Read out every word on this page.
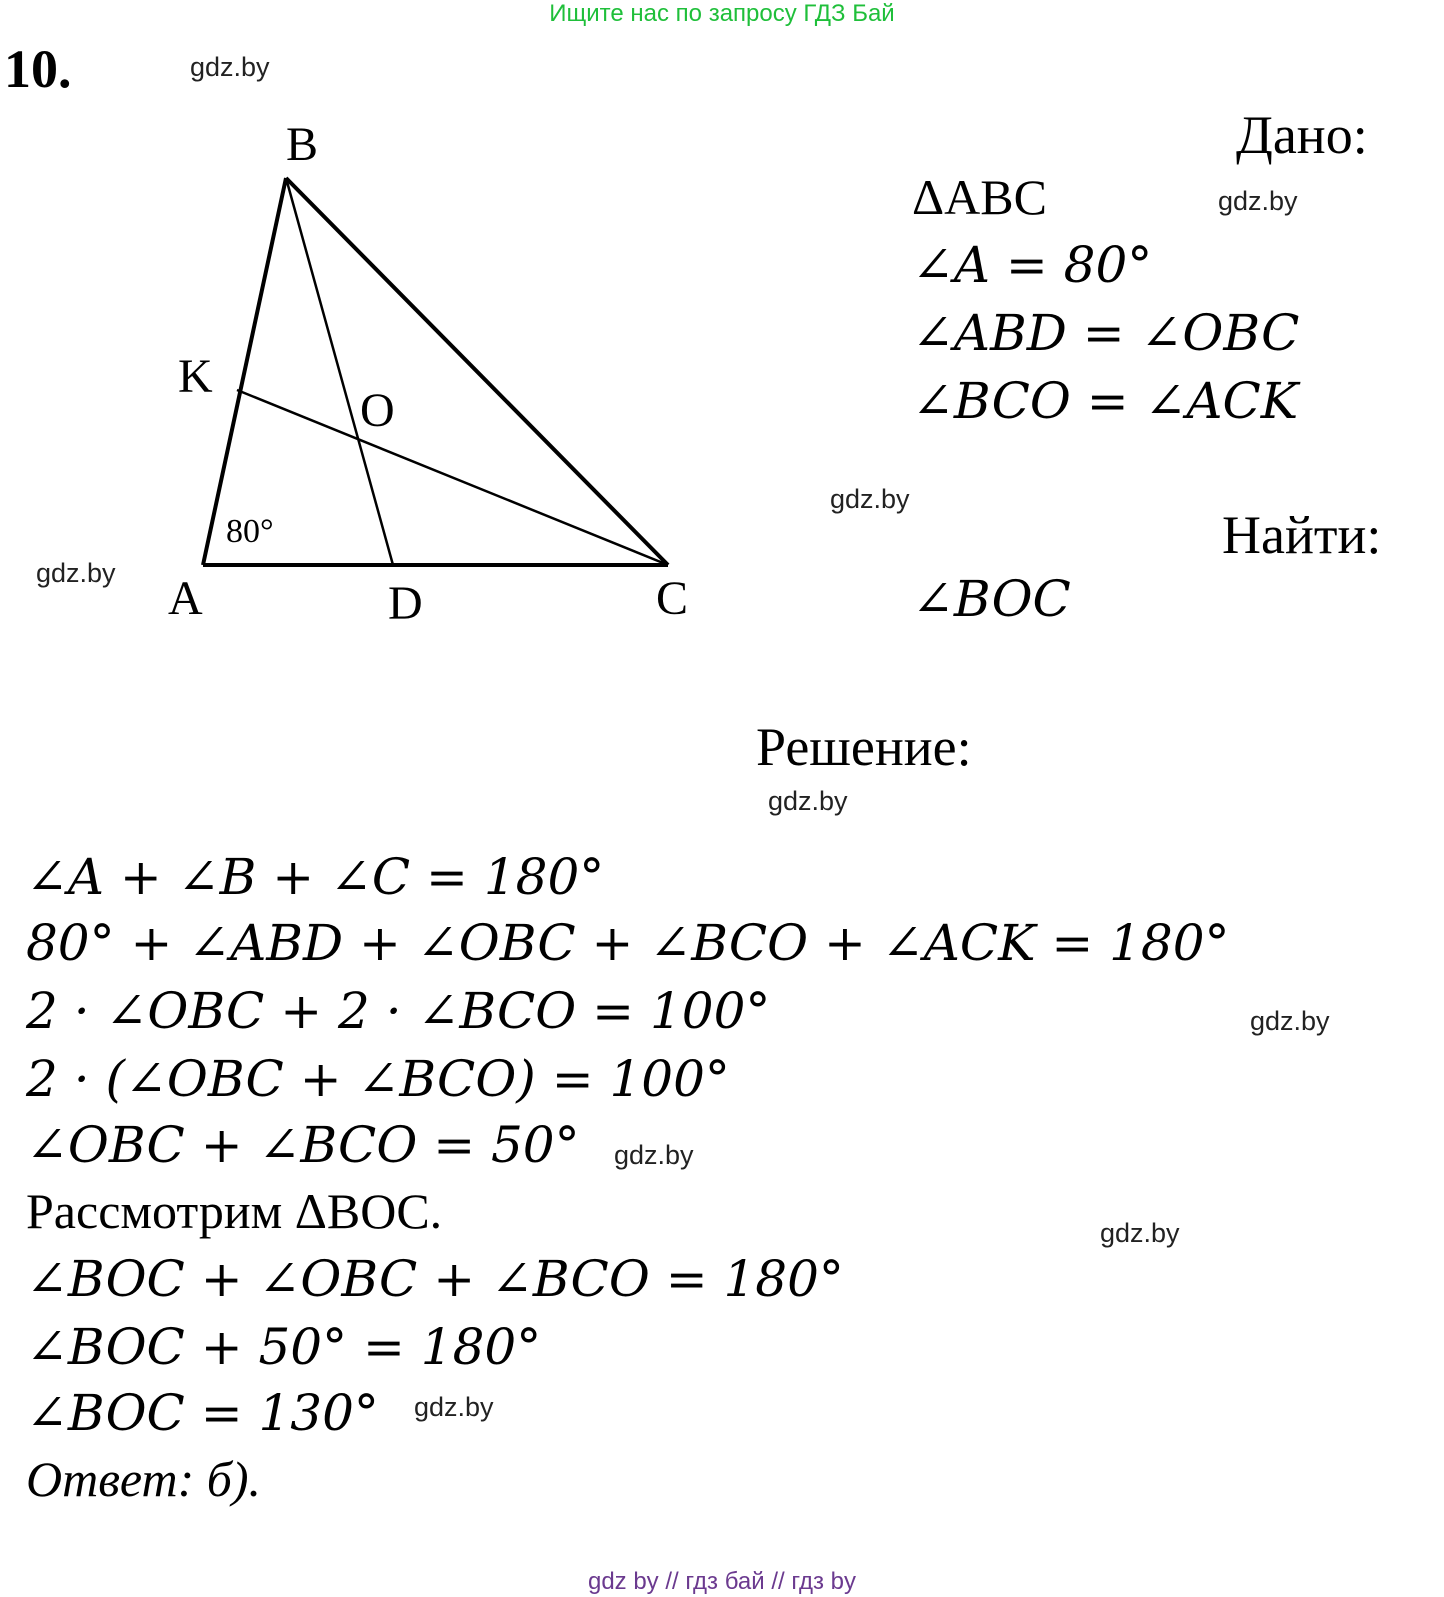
Ищите нас по запросу ГДЗ Бай
10.
B
K
O
80°
A	D	C
Дано:
ΔABC
∠A = 80°
∠ABD = ∠OBC
∠BCO = ∠ACK
Найти:
∠BOC
Решение:
∠A + ∠B + ∠C = 180°
80° + ∠ABD + ∠OBC + ∠BCO + ∠ACK = 180°
2 · ∠OBC + 2 · ∠BCO = 100°
2 · (∠OBC + ∠BCO) = 100°
∠OBC + ∠BCO = 50°
Рассмотрим ΔBOC.
∠BOC + ∠OBC + ∠BCO = 180°
∠BOC + 50° = 180°
∠BOC = 130°
Ответ: б).
gdz.by
gdz.by
gdz.by
gdz.by
gdz.by
gdz.by
gdz.by
gdz.by
gdz.by
gdz by // гдз бай // гдз by
